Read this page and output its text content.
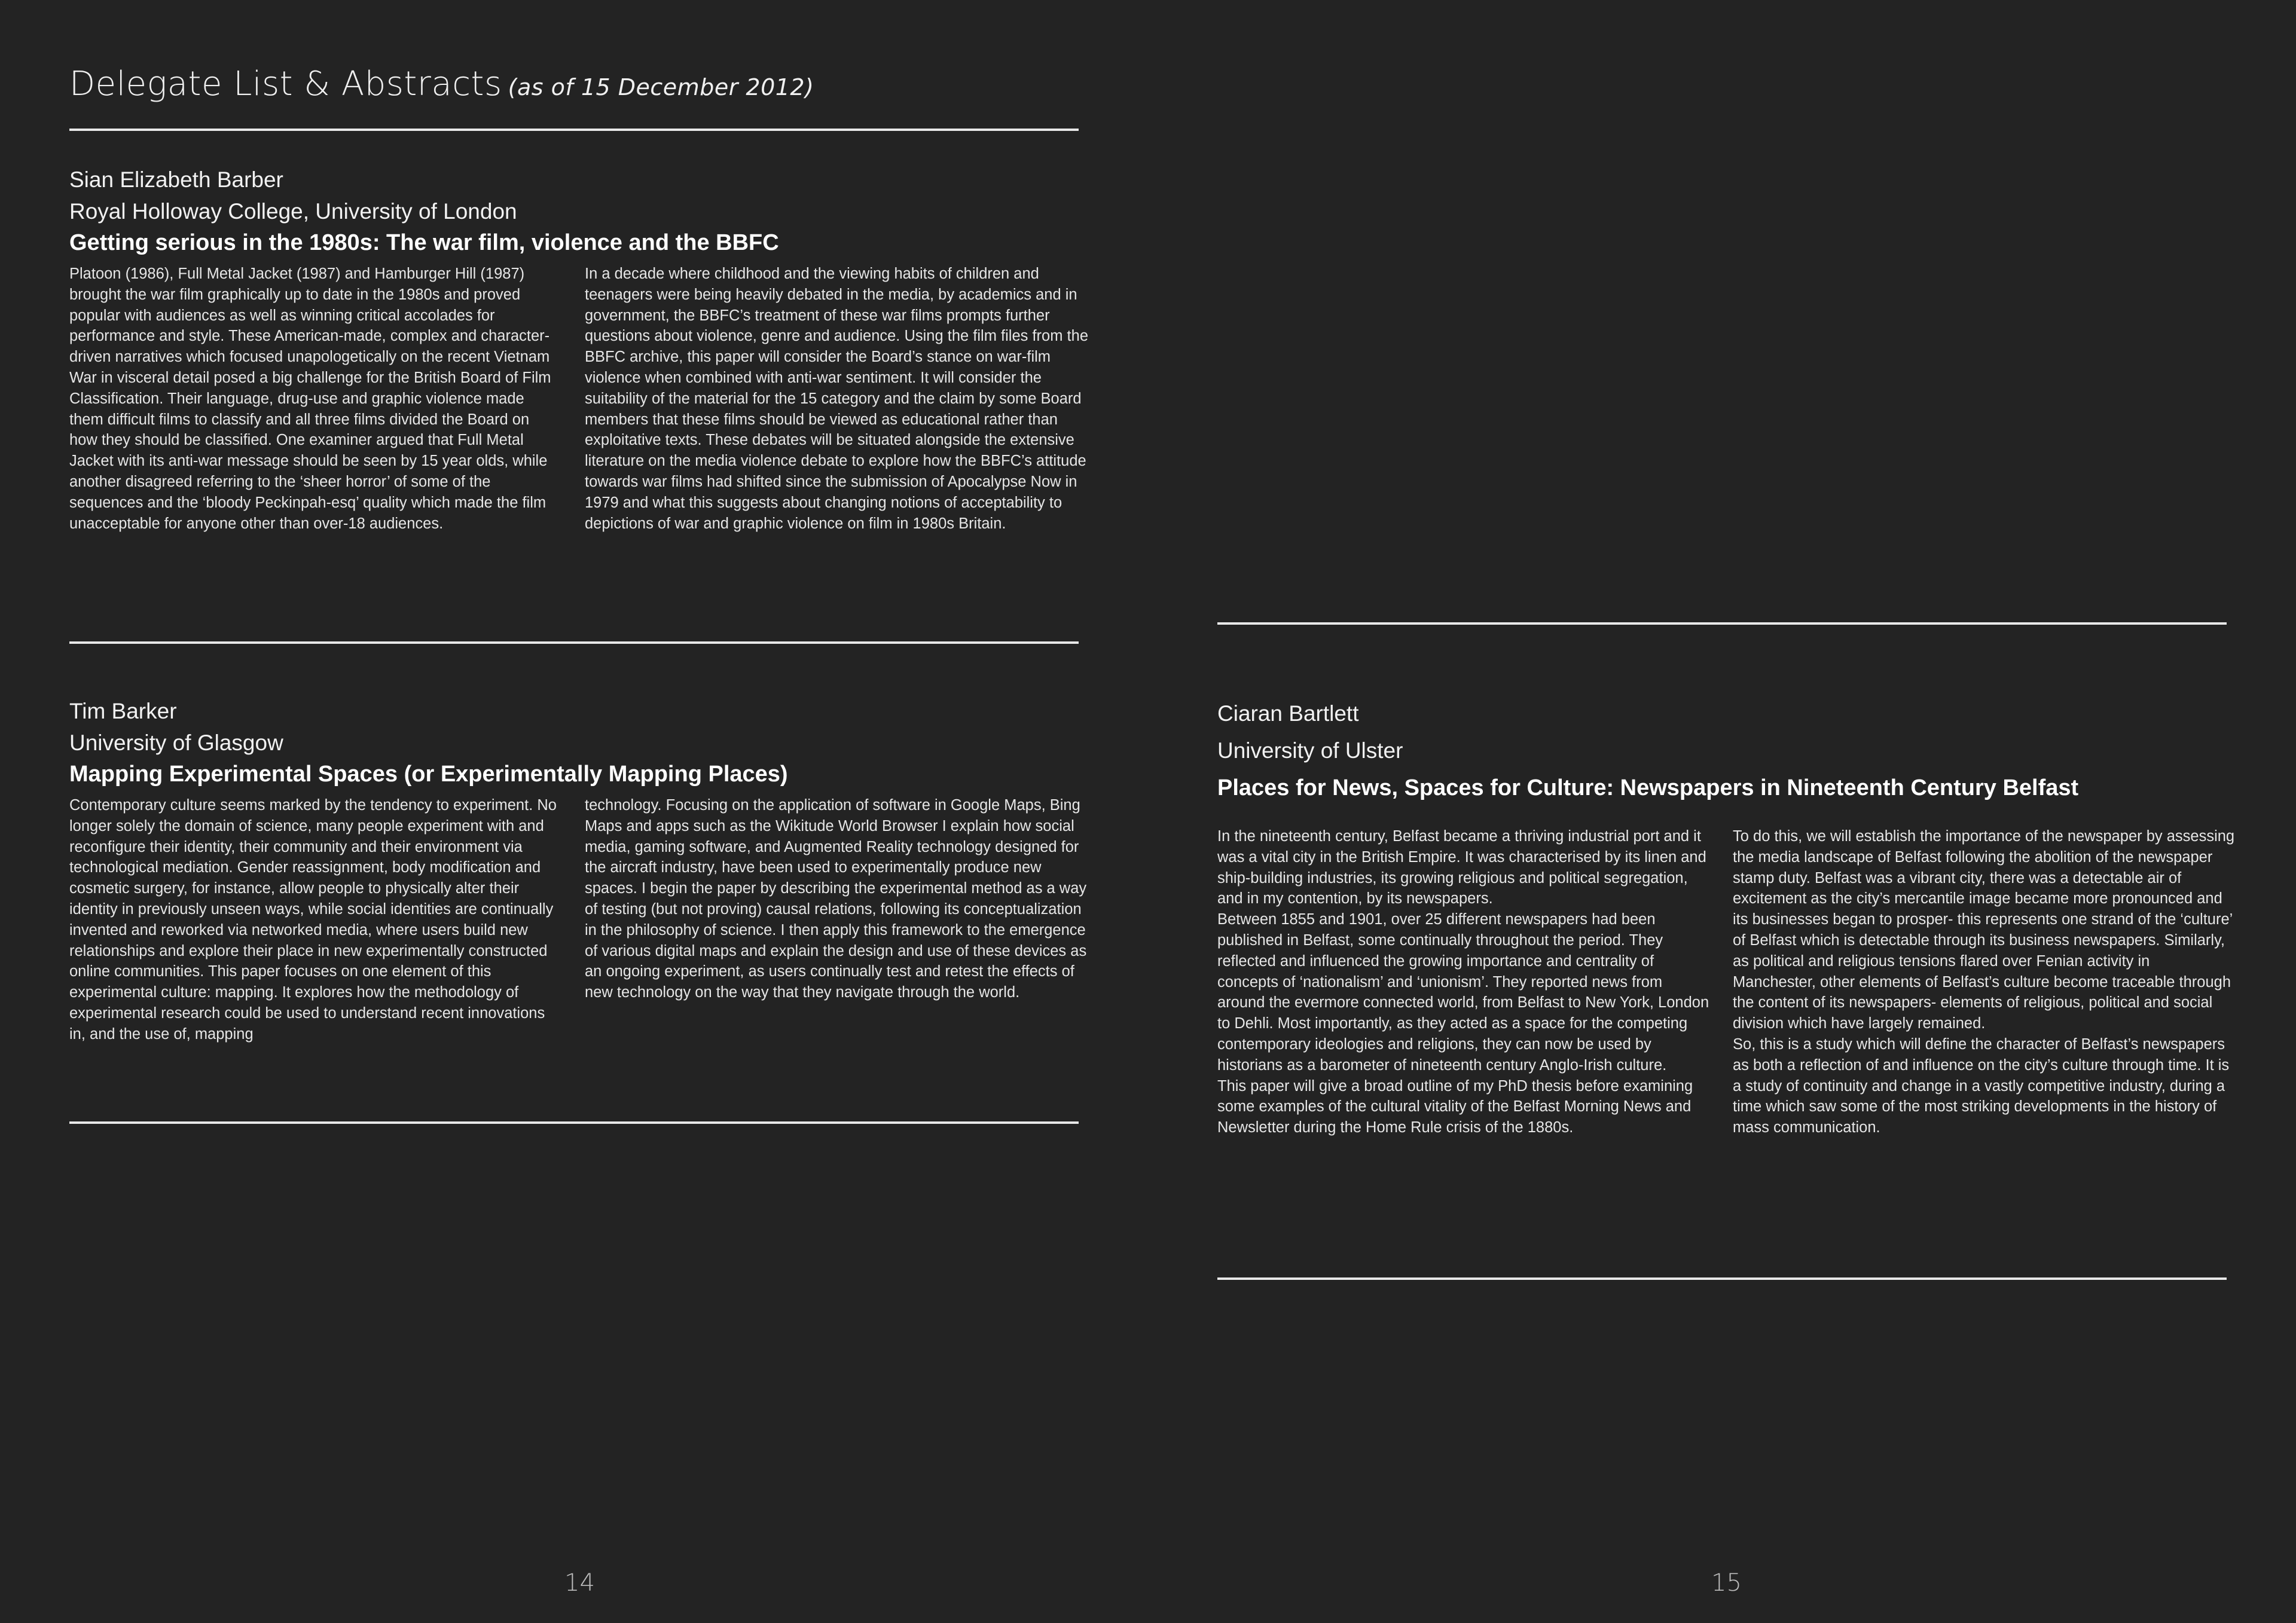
Delegate List & Abstracts (as of 15 December 2012)
Sian Elizabeth Barber
Royal Holloway College, University of London
Getting serious in the 1980s: The war film, violence and the BBFC

Platoon (1986), Full Metal Jacket (1987) and Hamburger Hill (1987) brought the war film graphically up to date in the 1980s and proved popular with audiences as well as winning critical accolades for performance and style. These American-made, complex and character-driven narratives which focused unapologetically on the recent Vietnam War in visceral detail posed a big challenge for the British Board of Film Classification. Their language, drug-use and graphic violence made them difficult films to classify and all three films divided the Board on how they should be classified. One examiner argued that Full Metal Jacket with its anti-war message should be seen by 15 year olds, while another disagreed referring to the ‘sheer horror’ of some of the sequences and the ‘bloody Peckinpah-esq’ quality which made the film unacceptable for anyone other than over-18 audiences.

In a decade where childhood and the viewing habits of children and teenagers were being heavily debated in the media, by academics and in government, the BBFC’s treatment of these war films prompts further questions about violence, genre and audience. Using the film files from the BBFC archive, this paper will consider the Board’s stance on war-film violence when combined with anti-war sentiment. It will consider the suitability of the material for the 15 category and the claim by some Board members that these films should be viewed as educational rather than exploitative texts. These debates will be situated alongside the extensive literature on the media violence debate to explore how the BBFC’s attitude towards war films had shifted since the submission of Apocalypse Now in 1979 and what this suggests about changing notions of acceptability to depictions of war and graphic violence on film in 1980s Britain.

Tim Barker
University of Glasgow
Mapping Experimental Spaces (or Experimentally Mapping Places)

Contemporary culture seems marked by the tendency to experiment. No longer solely the domain of science, many people experiment with and reconfigure their identity, their community and their environment via technological mediation. Gender reassignment, body modification and cosmetic surgery, for instance, allow people to physically alter their identity in previously unseen ways, while social identities are continually invented and reworked via networked media, where users build new relationships and explore their place in new experimentally constructed online communities. This paper focuses on one element of this experimental culture: mapping. It explores how the methodology of experimental research could be used to understand recent innovations in, and the use of, mapping

technology. Focusing on the application of software in Google Maps, Bing Maps and apps such as the Wikitude World Browser I explain how social media, gaming software, and Augmented Reality technology designed for the aircraft industry, have been used to experimentally produce new spaces. I begin the paper by describing the experimental method as a way of testing (but not proving) causal relations, following its conceptualization in the philosophy of science. I then apply this framework to the emergence of various digital maps and explain the design and use of these devices as an ongoing experiment, as users continually test and retest the effects of new technology on the way that they navigate through the world.

Ciaran Bartlett
University of Ulster
Places for News, Spaces for Culture: Newspapers in Nineteenth Century Belfast

In the nineteenth century, Belfast became a thriving industrial port and it was a vital city in the British Empire. It was characterised by its linen and ship-building industries, its growing religious and political segregation, and in my contention, by its newspapers.

Between 1855 and 1901, over 25 different newspapers had been published in Belfast, some continually throughout the period. They reflected and influenced the growing importance and centrality of concepts of ‘nationalism’ and ‘unionism’. They reported news from around the evermore connected world, from Belfast to New York, London to Dehli. Most importantly, as they acted as a space for the competing contemporary ideologies and religions, they can now be used by historians as a barometer of nineteenth century Anglo-Irish culture.

This paper will give a broad outline of my PhD thesis before examining some examples of the cultural vitality of the Belfast Morning News and Newsletter during the Home Rule crisis of the 1880s.

To do this, we will establish the importance of the newspaper by assessing the media landscape of Belfast following the abolition of the newspaper stamp duty. Belfast was a vibrant city, there was a detectable air of excitement as the city’s mercantile image became more pronounced and its businesses began to prosper- this represents one strand of the ‘culture’ of Belfast which is detectable through its business newspapers. Similarly, as political and religious tensions flared over Fenian activity in Manchester, other elements of Belfast’s culture become traceable through the content of its newspapers- elements of religious, political and social division which have largely remained.

So, this is a study which will define the character of Belfast’s newspapers as both a reflection of and influence on the city’s culture through time. It is a study of continuity and change in a vastly competitive industry, during a time which saw some of the most striking developments in the history of mass communication.

14	15
